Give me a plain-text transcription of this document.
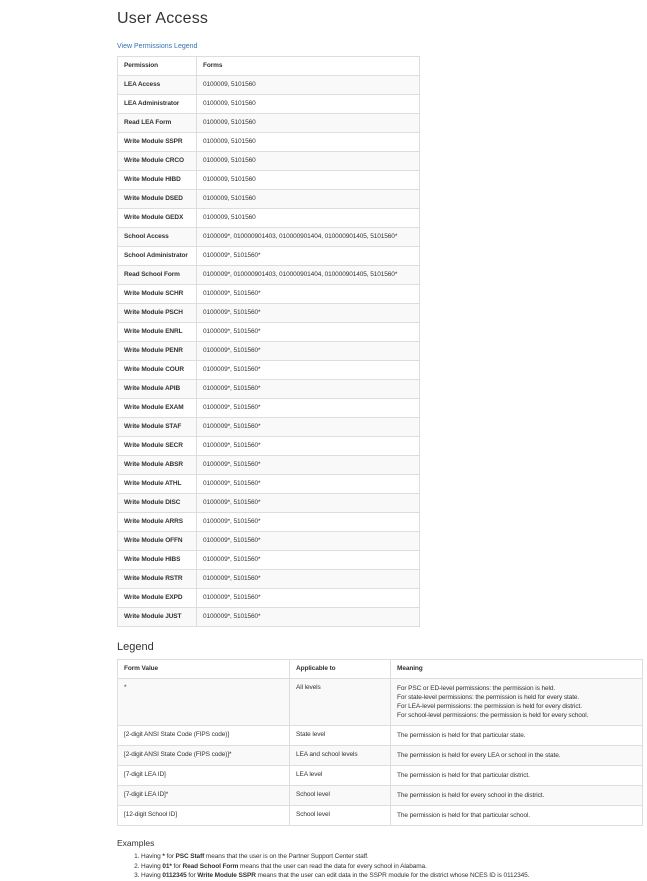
User Access
View Permissions Legend
Permission	Forms
LEA Access	0100009, 5101560
LEA Administrator	0100009, 5101560
Read LEA Form	0100009, 5101560
Write Module SSPR	0100009, 5101560
Write Module CRCO	0100009, 5101560
Write Module HIBD	0100009, 5101560
Write Module DSED	0100009, 5101560
Write Module GEDX	0100009, 5101560
School Access	0100009*, 010000901403, 010000901404, 010000901405, 5101560*
School Administrator	0100009*, 5101560*
Read School Form	0100009*, 010000901403, 010000901404, 010000901405, 5101560*
Write Module SCHR	0100009*, 5101560*
Write Module PSCH	0100009*, 5101560*
Write Module ENRL	0100009*, 5101560*
Write Module PENR	0100009*, 5101560*
Write Module COUR	0100009*, 5101560*
Write Module APIB	0100009*, 5101560*
Write Module EXAM	0100009*, 5101560*
Write Module STAF	0100009*, 5101560*
Write Module SECR	0100009*, 5101560*
Write Module ABSR	0100009*, 5101560*
Write Module ATHL	0100009*, 5101560*
Write Module DISC	0100009*, 5101560*
Write Module ARRS	0100009*, 5101560*
Write Module OFFN	0100009*, 5101560*
Write Module HIBS	0100009*, 5101560*
Write Module RSTR	0100009*, 5101560*
Write Module EXPD	0100009*, 5101560*
Write Module JUST	0100009*, 5101560*
Legend
Form Value	Applicable to	Meaning
*	All levels	For PSC or ED-level permissions: the permission is held.
For state-level permissions: the permission is held for every state.
For LEA-level permissions: the permission is held for every district.
For school-level permissions: the permission is held for every school.

[2-digit ANSI State Code (FIPS code)]	State level	The permission is held for that particular state.

[2-digit ANSI State Code (FIPS code)]*	LEA and school levels	The permission is held for every LEA or school in the state.

[7-digit LEA ID]	LEA level	The permission is held for that particular district.

[7-digit LEA ID]*	School level	The permission is held for every school in the district.

[12-digit School ID]	School level	The permission is held for that particular school.
Examples
1. Having * for PSC Staff means that the user is on the Partner Support Center staff.
2. Having 01* for Read School Form means that the user can read the data for every school in Alabama.
3. Having 0112345 for Write Module SSPR means that the user can edit data in the SSPR module for the district whose NCES ID is 0112345.
